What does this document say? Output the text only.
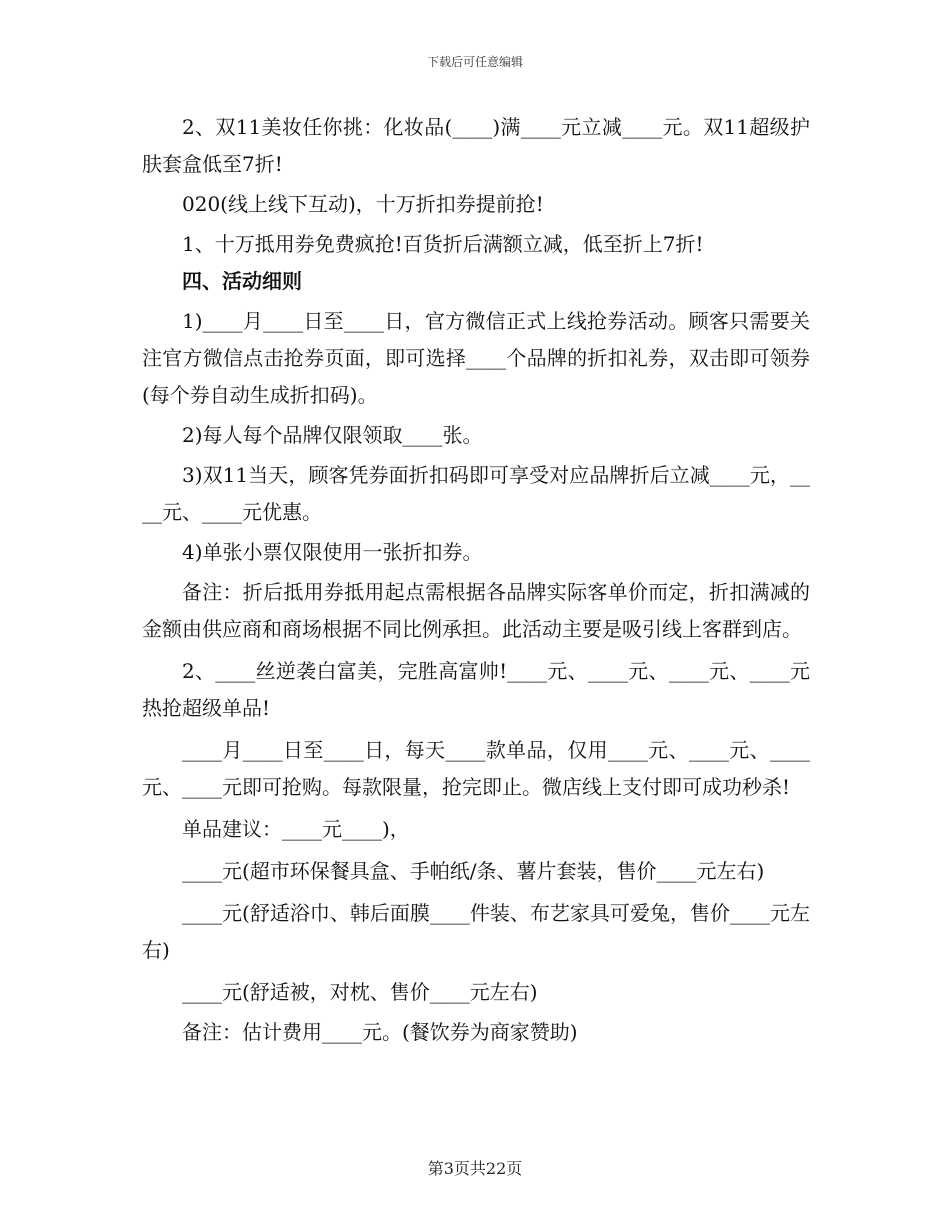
下载后可任意编辑

2、双11美妆任你挑：化妆品(____)满____元立减____元。双11超级护肤套盒低至7折!

020(线上线下互动)，十万折扣券提前抢!

1、十万抵用券免费疯抢!百货折后满额立减，低至折上7折!

四、活动细则

1)____月____日至____日，官方微信正式上线抢券活动。顾客只需要关注官方微信点击抢券页面，即可选择____个品牌的折扣礼券，双击即可领券(每个券自动生成折扣码)。

2)每人每个品牌仅限领取____张。

3)双11当天，顾客凭券面折扣码即可享受对应品牌折后立减____元，____元、____元优惠。

4)单张小票仅限使用一张折扣券。

备注：折后抵用券抵用起点需根据各品牌实际客单价而定，折扣满减的金额由供应商和商场根据不同比例承担。此活动主要是吸引线上客群到店。

2、____丝逆袭白富美，完胜高富帅!____元、____元、____元、____元热抢超级单品!

____月____日至____日，每天____款单品，仅用____元、____元、____元、____元即可抢购。每款限量，抢完即止。微店线上支付即可成功秒杀!

单品建议：____元____)，

____元(超市环保餐具盒、手帕纸/条、薯片套装，售价____元左右)

____元(舒适浴巾、韩后面膜____件装、布艺家具可爱兔，售价____元左右)

____元(舒适被，对枕、售价____元左右)

备注：估计费用____元。(餐饮券为商家赞助)

第3页共22页
